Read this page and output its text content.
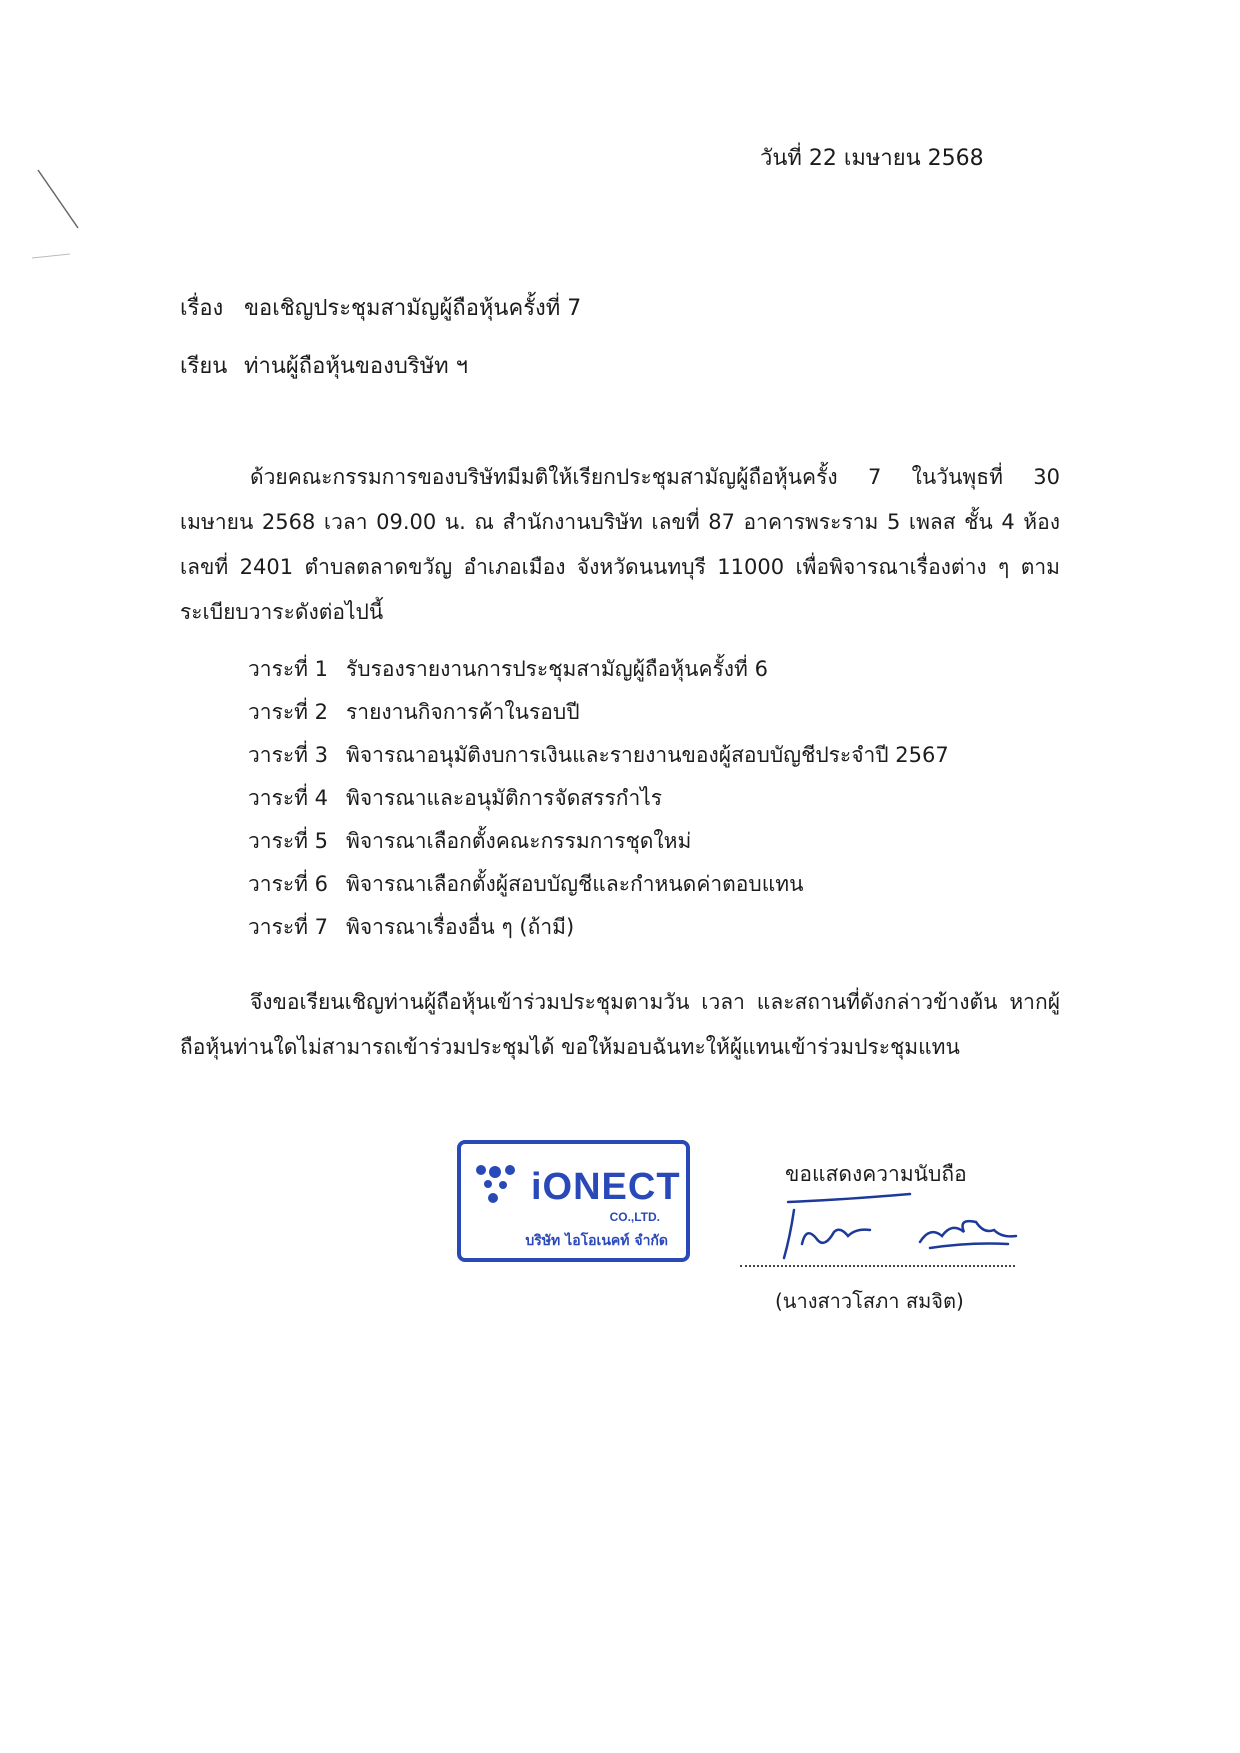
วันที่ 22 เมษายน 2568
เรื่อง ขอเชิญประชุมสามัญผู้ถือหุ้นครั้งที่ 7
เรียน ท่านผู้ถือหุ้นของบริษัท ฯ
ด้วยคณะกรรมการของบริษัทมีมติให้เรียกประชุมสามัญผู้ถือหุ้นครั้ง 7 ในวันพุธที่ 30 เมษายน 2568 เวลา 09.00 น. ณ สำนักงานบริษัท เลขที่ 87 อาคารพระราม 5 เพลส ชั้น 4 ห้องเลขที่ 2401 ตำบลตลาดขวัญ อำเภอเมือง จังหวัดนนทบุรี 11000 เพื่อพิจารณาเรื่องต่าง ๆ ตามระเบียบวาระดังต่อไปนี้
วาระที่ 1 รับรองรายงานการประชุมสามัญผู้ถือหุ้นครั้งที่ 6
วาระที่ 2 รายงานกิจการค้าในรอบปี
วาระที่ 3 พิจารณาอนุมัติงบการเงินและรายงานของผู้สอบบัญชีประจำปี 2567
วาระที่ 4 พิจารณาและอนุมัติการจัดสรรกำไร
วาระที่ 5 พิจารณาเลือกตั้งคณะกรรมการชุดใหม่
วาระที่ 6 พิจารณาเลือกตั้งผู้สอบบัญชีและกำหนดค่าตอบแทน
วาระที่ 7 พิจารณาเรื่องอื่น ๆ (ถ้ามี)
จึงขอเรียนเชิญท่านผู้ถือหุ้นเข้าร่วมประชุมตามวัน เวลา และสถานที่ดังกล่าวข้างต้น หากผู้ถือหุ้นท่านใดไม่สามารถเข้าร่วมประชุมได้ ขอให้มอบฉันทะให้ผู้แทนเข้าร่วมประชุมแทน
iONECT
CO.,LTD.
บริษัท ไอโอเนคท์ จำกัด
ขอแสดงความนับถือ
(นางสาวโสภา สมจิต)
